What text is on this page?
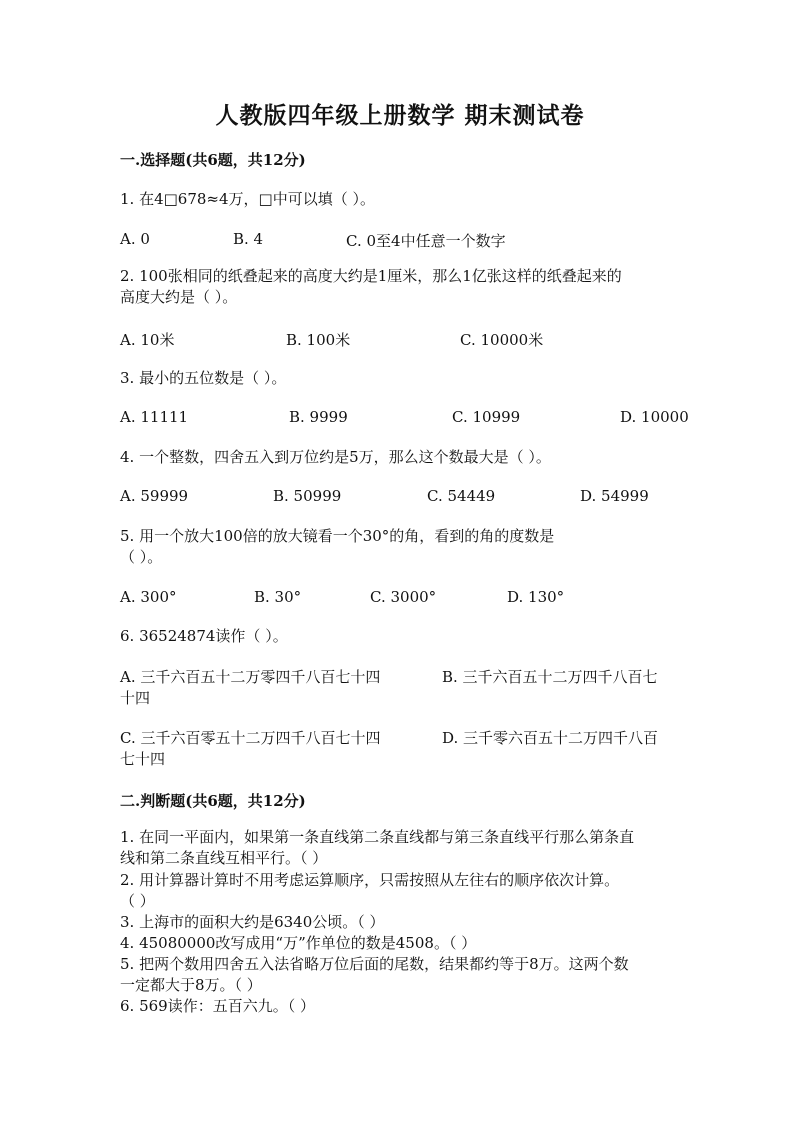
人教版四年级上册数学 期末测试卷
一.选择题(共6题，共12分)
1. 在4□678≈4万，□中可以填（ ）。
A. 0	B. 4	C. 0至4中任意一个数字
2. 100张相同的纸叠起来的高度大约是1厘米，那么1亿张这样的纸叠起来的
高度大约是（ ）。
A. 10米	B. 100米	C. 10000米
3. 最小的五位数是（ ）。
A. 11111	B. 9999	C. 10999	D. 10000
4. 一个整数，四舍五入到万位约是5万，那么这个数最大是（ ）。
A. 59999	B. 50999	C. 54449	D. 54999
5. 用一个放大100倍的放大镜看一个30°的角，看到的角的度数是
（ ）。
A. 300°	B. 30°	C. 3000°	D. 130°
6. 36524874读作（ ）。
A. 三千六百五十二万零四千八百七十四	B. 三千六百五十二万四千八百七
十四
C. 三千六百零五十二万四千八百七十四	D. 三千零六百五十二万四千八百
七十四
二.判断题(共6题，共12分)
1. 在同一平面内，如果第一条直线第二条直线都与第三条直线平行那么第条直
线和第二条直线互相平行。（ ）
2. 用计算器计算时不用考虑运算顺序，只需按照从左往右的顺序依次计算。
（ ）
3. 上海市的面积大约是6340公顷。（ ）
4. 45080000改写成用“万”作单位的数是4508。（ ）
5. 把两个数用四舍五入法省略万位后面的尾数，结果都约等于8万。这两个数
一定都大于8万。（ ）
6. 569读作：五百六九。（ ）
